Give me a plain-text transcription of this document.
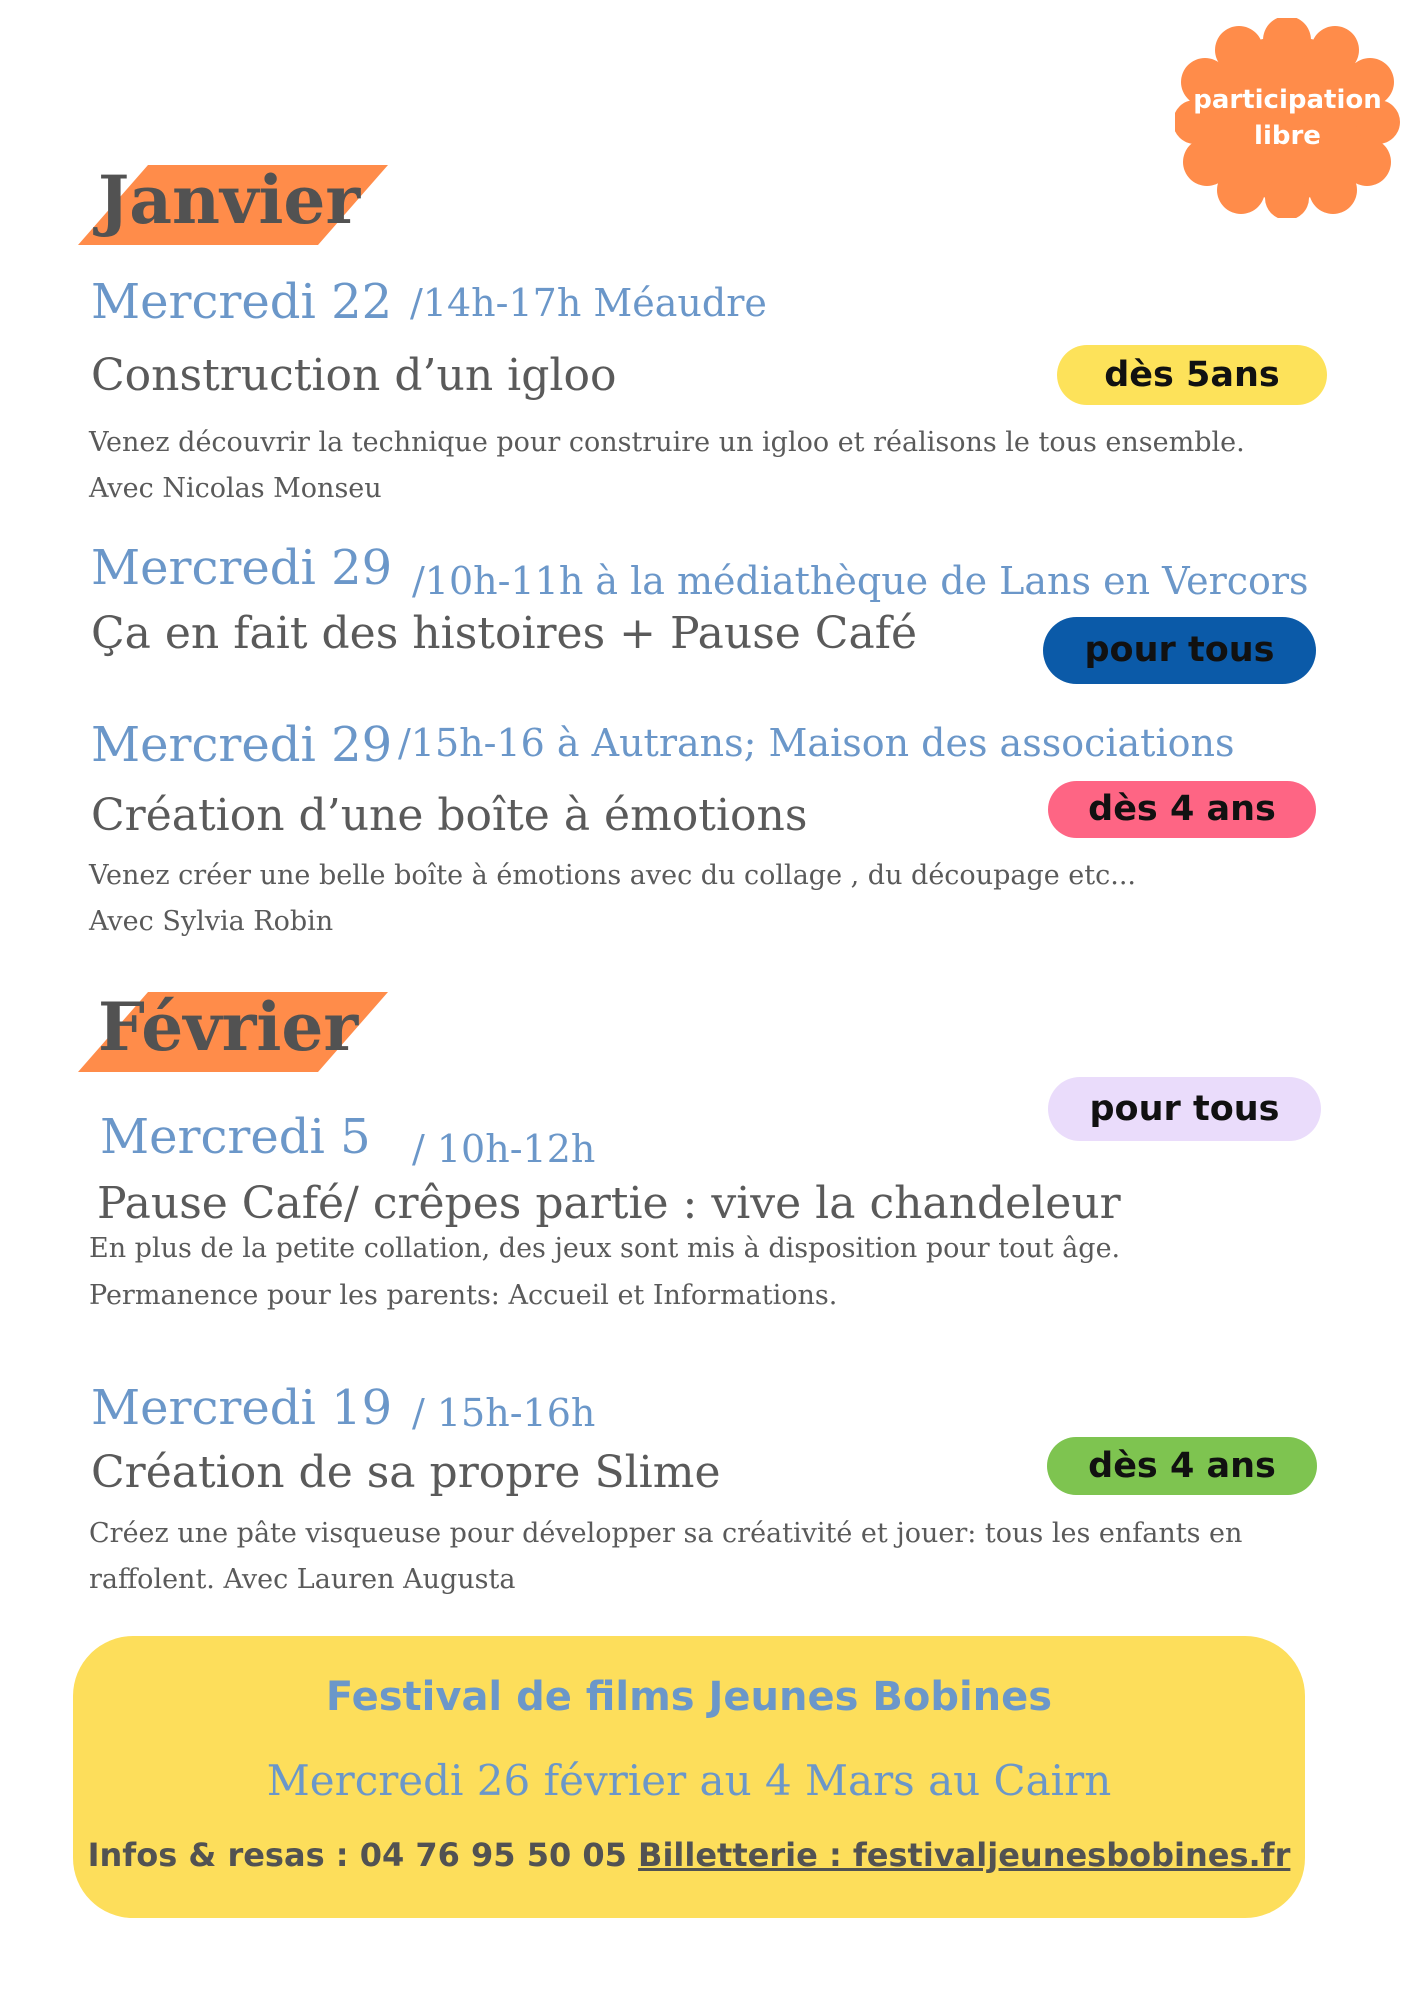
participation
libre
Janvier
Mercredi 22 /14h-17h Méaudre
Construction d’un igloo	dès 5ans
Venez découvrir la technique pour construire un igloo et réalisons le tous ensemble.
Avec Nicolas Monseu
Mercredi 29 /10h-11h à la médiathèque de Lans en Vercors
Ça en fait des histoires + Pause Café	pour tous
Mercredi 29 /15h-16 à Autrans; Maison des associations
Création d’une boîte à émotions	dès 4 ans
Venez créer une belle boîte à émotions avec du collage , du découpage etc...
Avec Sylvia Robin
Février
pour tous
Mercredi 5 / 10h-12h
Pause Café/ crêpes partie : vive la chandeleur
En plus de la petite collation, des jeux sont mis à disposition pour tout âge.
Permanence pour les parents: Accueil et Informations.
Mercredi 19 / 15h-16h
Création de sa propre Slime	dès 4 ans
Créez une pâte visqueuse pour développer sa créativité et jouer: tous les enfants en
raffolent. Avec Lauren Augusta
Festival de films Jeunes Bobines
Mercredi 26 février au 4 Mars au Cairn
Infos & resas : 04 76 95 50 05 Billetterie : festivaljeunesbobines.fr
